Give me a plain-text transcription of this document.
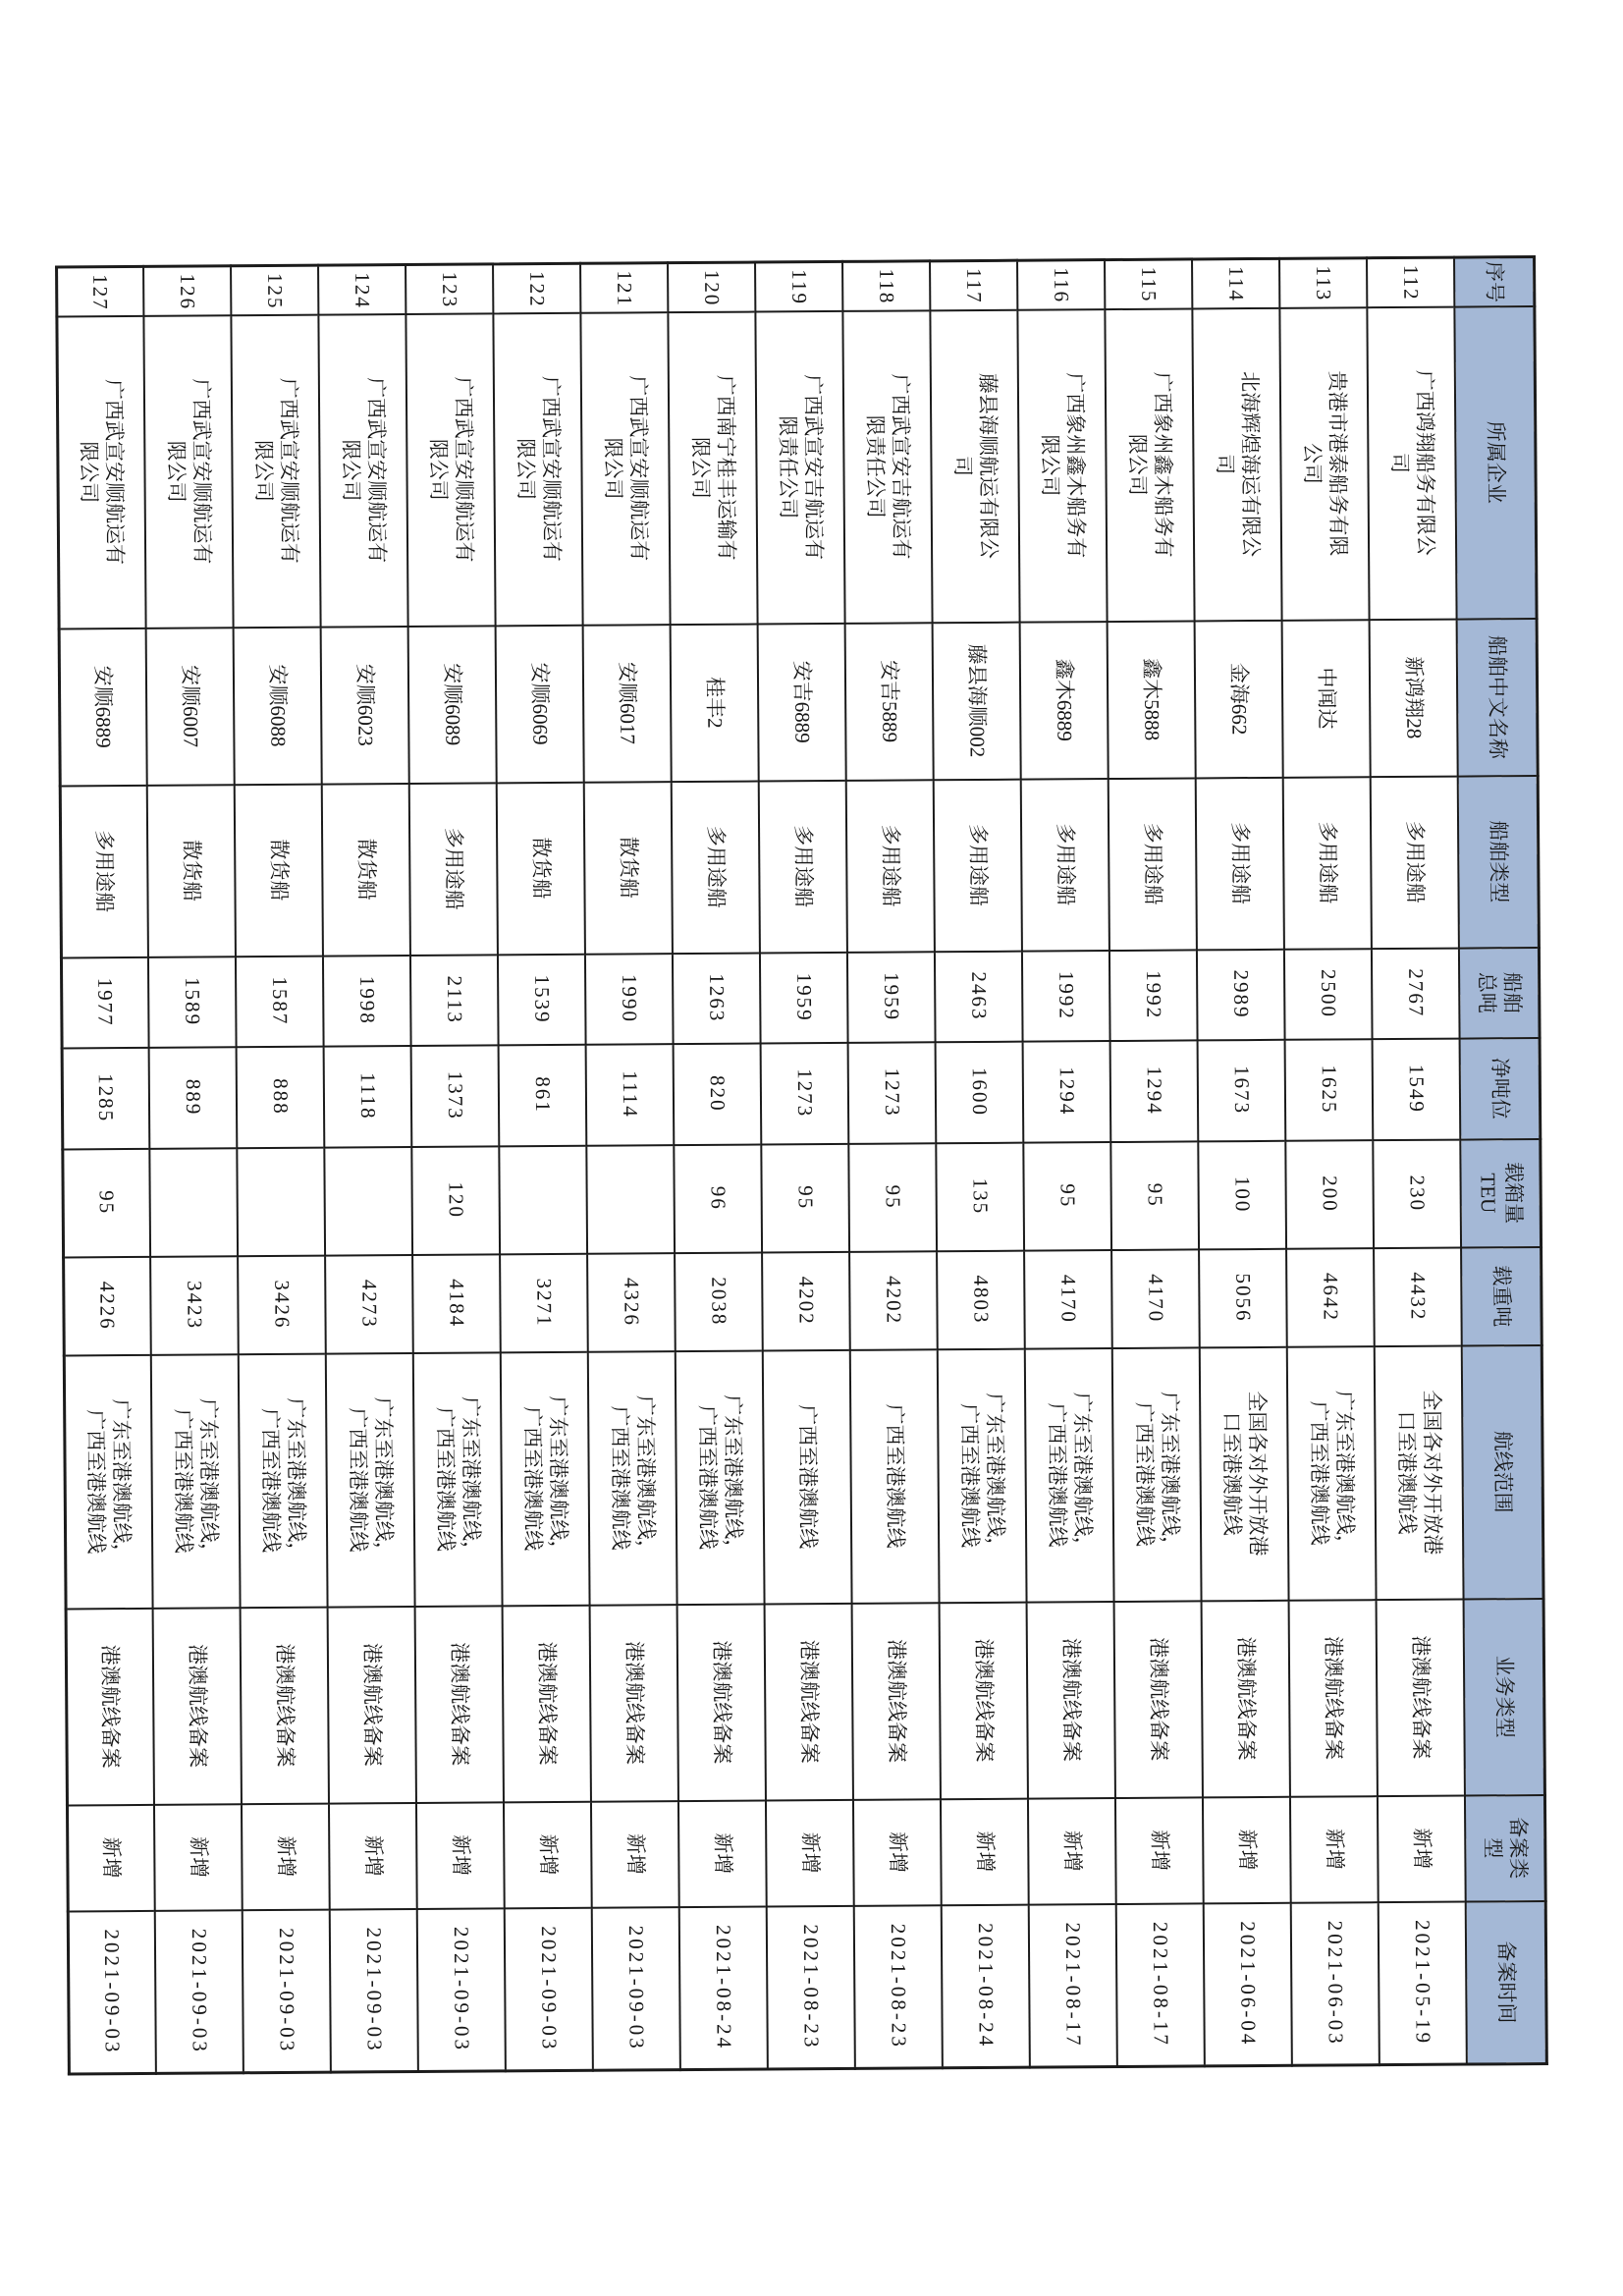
序号	所属企业	船舶中文名称	船舶类型	船舶总吨	净吨位	载箱量TEU	载重吨	航线范围	业务类型	备案类型	备案时间
112	广西鸿翔船务有限公司	新鸿翔28	多用途船	2767	1549	230	4432	全国各对外开放港口至港澳航线	港澳航线备案	新增	2021-05-19
113	贵港市港泰船务有限公司	中闻达	多用途船	2500	1625	200	4642	广东至港澳航线，广西至港澳航线	港澳航线备案	新增	2021-06-03
114	北海辉煌海运有限公司	金海662	多用途船	2989	1673	100	5056	全国各对外开放港口至港澳航线	港澳航线备案	新增	2021-06-04
115	广西象州鑫木船务有限公司	鑫木5888	多用途船	1992	1294	95	4170	广东至港澳航线，广西至港澳航线	港澳航线备案	新增	2021-08-17
116	广西象州鑫木船务有限公司	鑫木6889	多用途船	1992	1294	95	4170	广东至港澳航线，广西至港澳航线	港澳航线备案	新增	2021-08-17
117	藤县海顺航运有限公司	藤县海顺002	多用途船	2463	1600	135	4803	广东至港澳航线，广西至港澳航线	港澳航线备案	新增	2021-08-24
118	广西武宣安吉航运有限责任公司	安吉5889	多用途船	1959	1273	95	4202	广西至港澳航线	港澳航线备案	新增	2021-08-23
119	广西武宣安吉航运有限责任公司	安吉6889	多用途船	1959	1273	95	4202	广西至港澳航线	港澳航线备案	新增	2021-08-23
120	广西南宁桂丰运输有限公司	桂丰2	多用途船	1263	820	96	2038	广东至港澳航线，广西至港澳航线	港澳航线备案	新增	2021-08-24
121	广西武宣安顺航运有限公司	安顺6017	散货船	1990	1114		4326	广东至港澳航线，广西至港澳航线	港澳航线备案	新增	2021-09-03
122	广西武宣安顺航运有限公司	安顺6069	散货船	1539	861		3271	广东至港澳航线，广西至港澳航线	港澳航线备案	新增	2021-09-03
123	广西武宣安顺航运有限公司	安顺6089	多用途船	2113	1373	120	4184	广东至港澳航线，广西至港澳航线	港澳航线备案	新增	2021-09-03
124	广西武宣安顺航运有限公司	安顺6023	散货船	1998	1118		4273	广东至港澳航线，广西至港澳航线	港澳航线备案	新增	2021-09-03
125	广西武宣安顺航运有限公司	安顺6088	散货船	1587	888		3426	广东至港澳航线，广西至港澳航线	港澳航线备案	新增	2021-09-03
126	广西武宣安顺航运有限公司	安顺6007	散货船	1589	889		3423	广东至港澳航线，广西至港澳航线	港澳航线备案	新增	2021-09-03
127	广西武宣安顺航运有限公司	安顺6889	多用途船	1977	1285	95	4226	广东至港澳航线，广西至港澳航线	港澳航线备案	新增	2021-09-03
